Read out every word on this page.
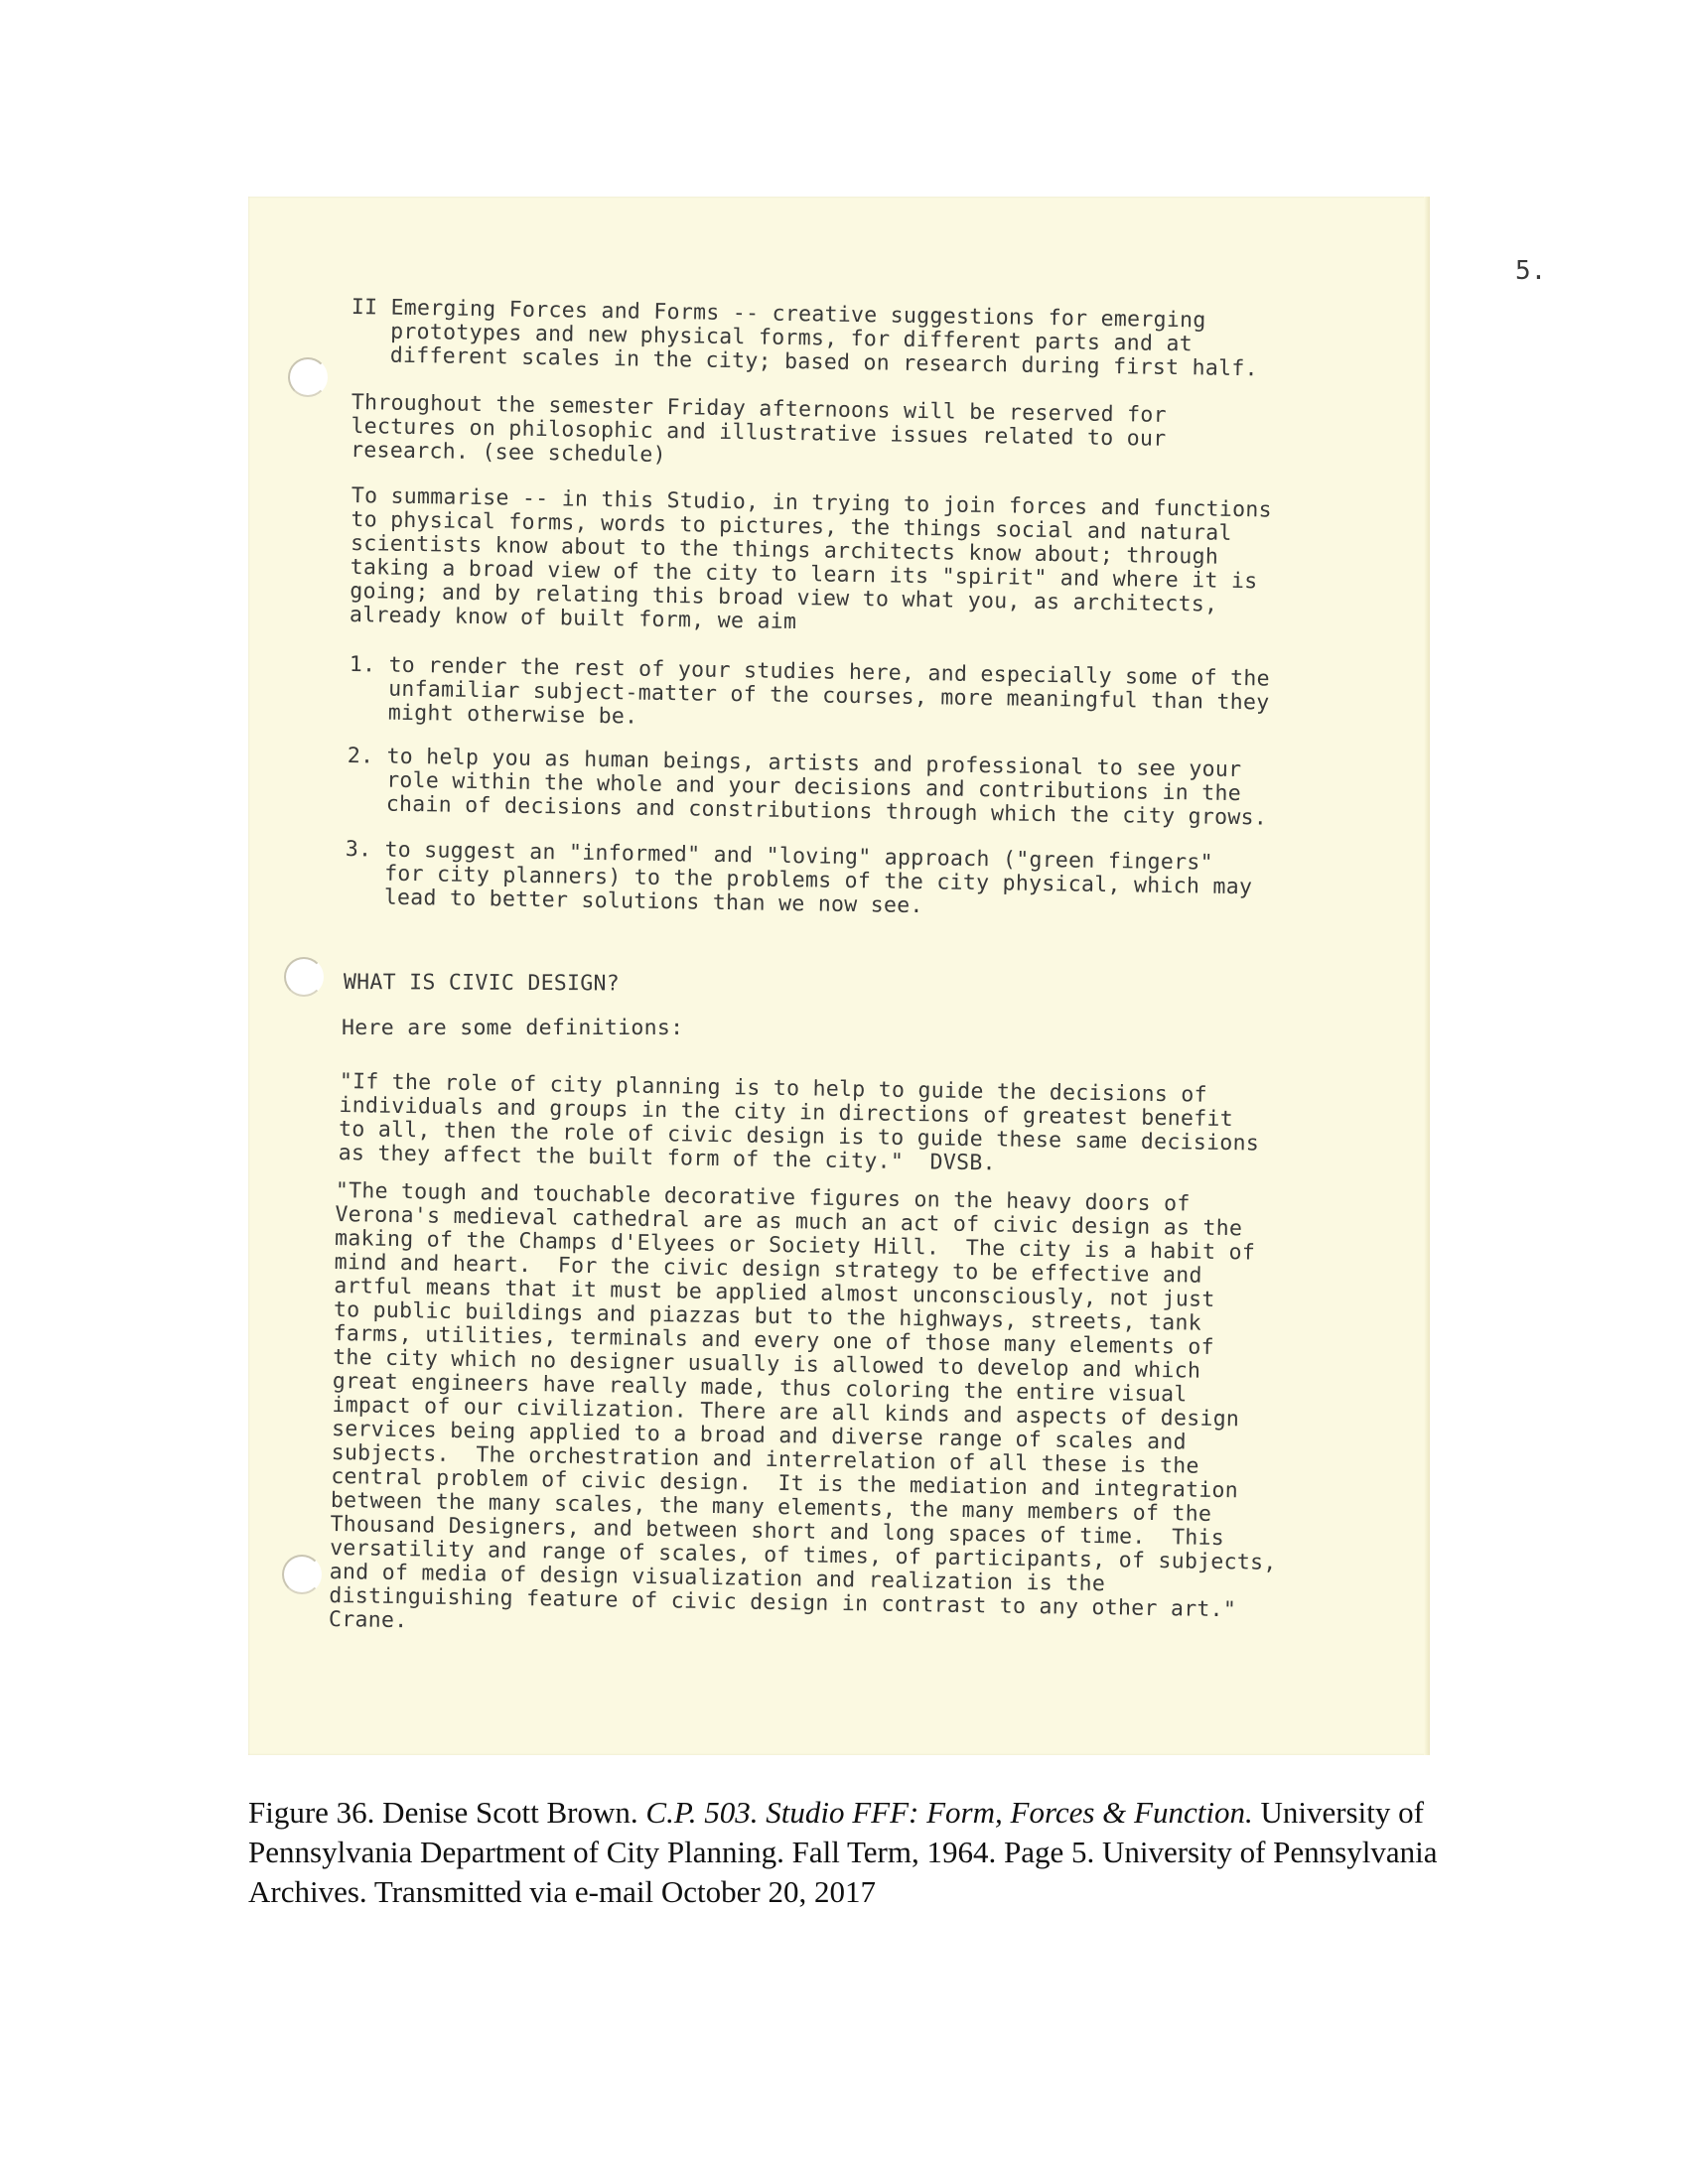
5.
II Emerging Forces and Forms -- creative suggestions for emerging
prototypes and new physical forms, for different parts and at
different scales in the city; based on research during first half.
Throughout the semester Friday afternoons will be reserved for
lectures on philosophic and illustrative issues related to our
research. (see schedule)
To summarise -- in this Studio, in trying to join forces and functions
to physical forms, words to pictures, the things social and natural
scientists know about to the things architects know about; through
taking a broad view of the city to learn its "spirit" and where it is
going; and by relating this broad view to what you, as architects,
already know of built form, we aim
1. to render the rest of your studies here, and especially some of the
unfamiliar subject-matter of the courses, more meaningful than they
might otherwise be.
2. to help you as human beings, artists and professional to see your
role within the whole and your decisions and contributions in the
chain of decisions and constributions through which the city grows.
3. to suggest an "informed" and "loving" approach ("green fingers"
for city planners) to the problems of the city physical, which may
lead to better solutions than we now see.
WHAT IS CIVIC DESIGN?
Here are some definitions:
"If the role of city planning is to help to guide the decisions of
individuals and groups in the city in directions of greatest benefit
to all, then the role of civic design is to guide these same decisions
as they affect the built form of the city."  DVSB.
"The tough and touchable decorative figures on the heavy doors of
Verona's medieval cathedral are as much an act of civic design as the
making of the Champs d'Elyees or Society Hill.  The city is a habit of
mind and heart.  For the civic design strategy to be effective and
artful means that it must be applied almost unconsciously, not just
to public buildings and piazzas but to the highways, streets, tank
farms, utilities, terminals and every one of those many elements of
the city which no designer usually is allowed to develop and which
great engineers have really made, thus coloring the entire visual
impact of our civilization. There are all kinds and aspects of design
services being applied to a broad and diverse range of scales and
subjects.  The orchestration and interrelation of all these is the
central problem of civic design.  It is the mediation and integration
between the many scales, the many elements, the many members of the
Thousand Designers, and between short and long spaces of time.  This
versatility and range of scales, of times, of participants, of subjects,
and of media of design visualization and realization is the
distinguishing feature of civic design in contrast to any other art."
Crane.

Figure 36. Denise Scott Brown. C.P. 503. Studio FFF: Form, Forces & Function. University of Pennsylvania Department of City Planning. Fall Term, 1964. Page 5. University of Pennsylvania Archives. Transmitted via e-mail October 20, 2017
